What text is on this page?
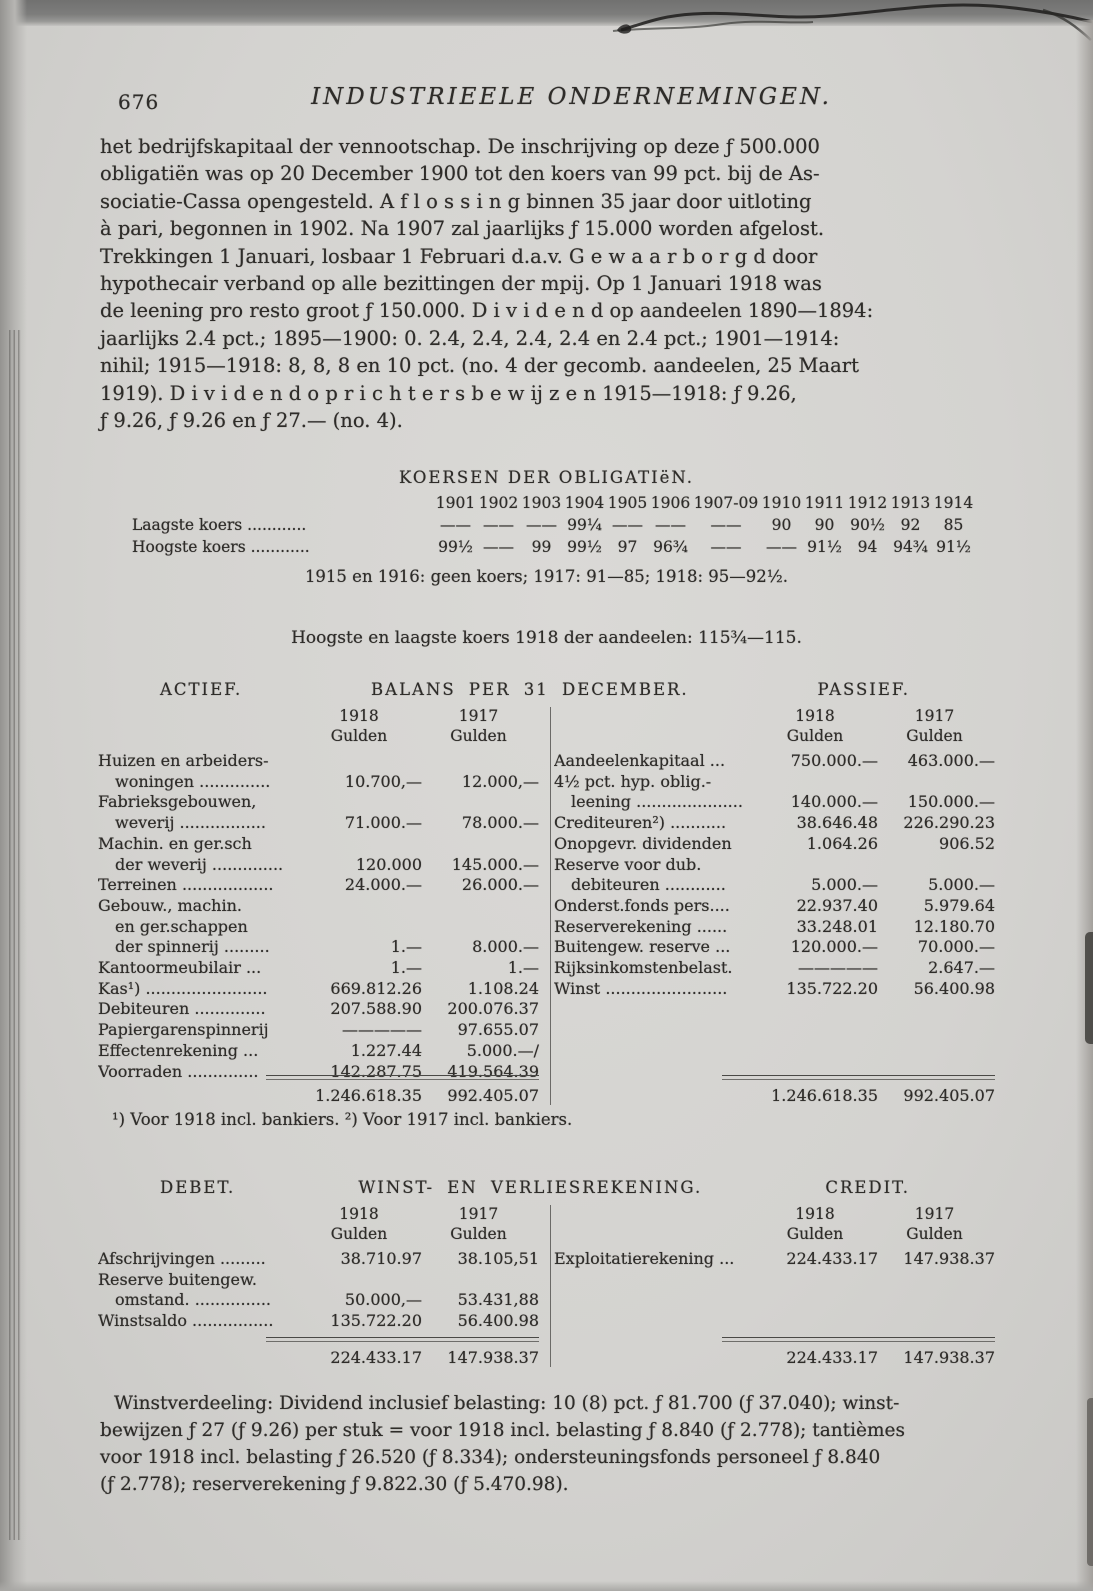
676	INDUSTRIEELE ONDERNEMINGEN.
het bedrijfskapitaal der vennootschap. De inschrijving op deze ƒ 500.000
obligatiën was op 20 December 1900 tot den koers van 99 pct. bij de As-
sociatie-Cassa opengesteld. A f l o s s i n g binnen 35 jaar door uitloting
à pari, begonnen in 1902. Na 1907 zal jaarlijks ƒ 15.000 worden afgelost.
Trekkingen 1 Januari, losbaar 1 Februari d.a.v. G e w a a r b o r g d door
hypothecair verband op alle bezittingen der mpij. Op 1 Januari 1918 was
de leening pro resto groot ƒ 150.000. D i v i d e n d op aandeelen 1890—1894:
jaarlijks 2.4 pct.; 1895—1900: 0. 2.4, 2.4, 2.4, 2.4 en 2.4 pct.; 1901—1914:
nihil; 1915—1918: 8, 8, 8 en 10 pct. (no. 4 der gecomb. aandeelen, 25 Maart
1919). D i v i d e n d o p r i c h t e r s b e w ij z e n 1915—1918: ƒ 9.26,
ƒ 9.26, ƒ 9.26 en ƒ 27.— (no. 4).
KOERSEN DER OBLIGATIëN.
1901 1902 1903 1904 1905 1906 1907-09 1910 1911 1912 1913 1914
Laagste koers ............	—— —— —— 99¼ —— ——	——	90	90	90½	92	85
Hoogste koers ............	99½ ——	99	99½	97	96¾	——	—— 91½	94	94¾ 91½
1915 en 1916: geen koers; 1917: 91—85; 1918: 95—92½.
Hoogste en laagste koers 1918 der aandeelen: 115¾—115.
ACTIEF.	BALANS PER 31 DECEMBER.	PASSIEF.
1918
Gulden
1917
Gulden
Huizen en arbeiders-
woningen ..............	10.700,—	12.000,—
Fabrieksgebouwen,
weverij .................	71.000.—	78.000.—
Machin. en ger.sch
der weverij ..............	120.000	145.000.—
Terreinen ..................	24.000.—	26.000.—
Gebouw., machin.
en ger.schappen
der spinnerij .........	1.—	8.000.—
Kantoormeubilair ...	1.—	1.—
Kas¹) ........................	669.812.26	1.108.24
Debiteuren ..............	207.588.90	200.076.37
Papiergarenspinnerij	—————	97.655.07
Effectenrekening ...	1.227.44	5.000.—/
Voorraden ..............	142.287.75	419.564.39
1.246.618.35	992.405.07
1918
Gulden
1917
Gulden
Aandeelenkapitaal ...	750.000.—	463.000.—
4½ pct. hyp. oblig.-
leening .....................	140.000.—	150.000.—
Crediteuren²) ...........	38.646.48	226.290.23
Onopgevr. dividenden	1.064.26	906.52
Reserve voor dub.
debiteuren ............	5.000.—	5.000.—
Onderst.fonds pers....	22.937.40	5.979.64
Reserverekening ......	33.248.01	12.180.70
Buitengew. reserve ...	120.000.—	70.000.—
Rijksinkomstenbelast.	—————	2.647.—
Winst ........................	135.722.20	56.400.98
1.246.618.35	992.405.07
¹) Voor 1918 incl. bankiers. ²) Voor 1917 incl. bankiers.
DEBET.	WINST- EN VERLIESREKENING.	CREDIT.
1918
Gulden
1917
Gulden
Afschrijvingen .........	38.710.97	38.105,51
Reserve buitengew.
omstand. ...............	50.000,—	53.431,88
Winstsaldo ................	135.722.20	56.400.98
224.433.17	147.938.37
1918
Gulden
1917
Gulden
Exploitatierekening ...	224.433.17	147.938.37
224.433.17	147.938.37
Winstverdeeling: Dividend inclusief belasting: 10 (8) pct. ƒ 81.700 (ƒ 37.040); winst-
bewijzen ƒ 27 (ƒ 9.26) per stuk = voor 1918 incl. belasting ƒ 8.840 (ƒ 2.778); tantièmes
voor 1918 incl. belasting ƒ 26.520 (ƒ 8.334); ondersteuningsfonds personeel ƒ 8.840
(ƒ 2.778); reserverekening ƒ 9.822.30 (ƒ 5.470.98).
